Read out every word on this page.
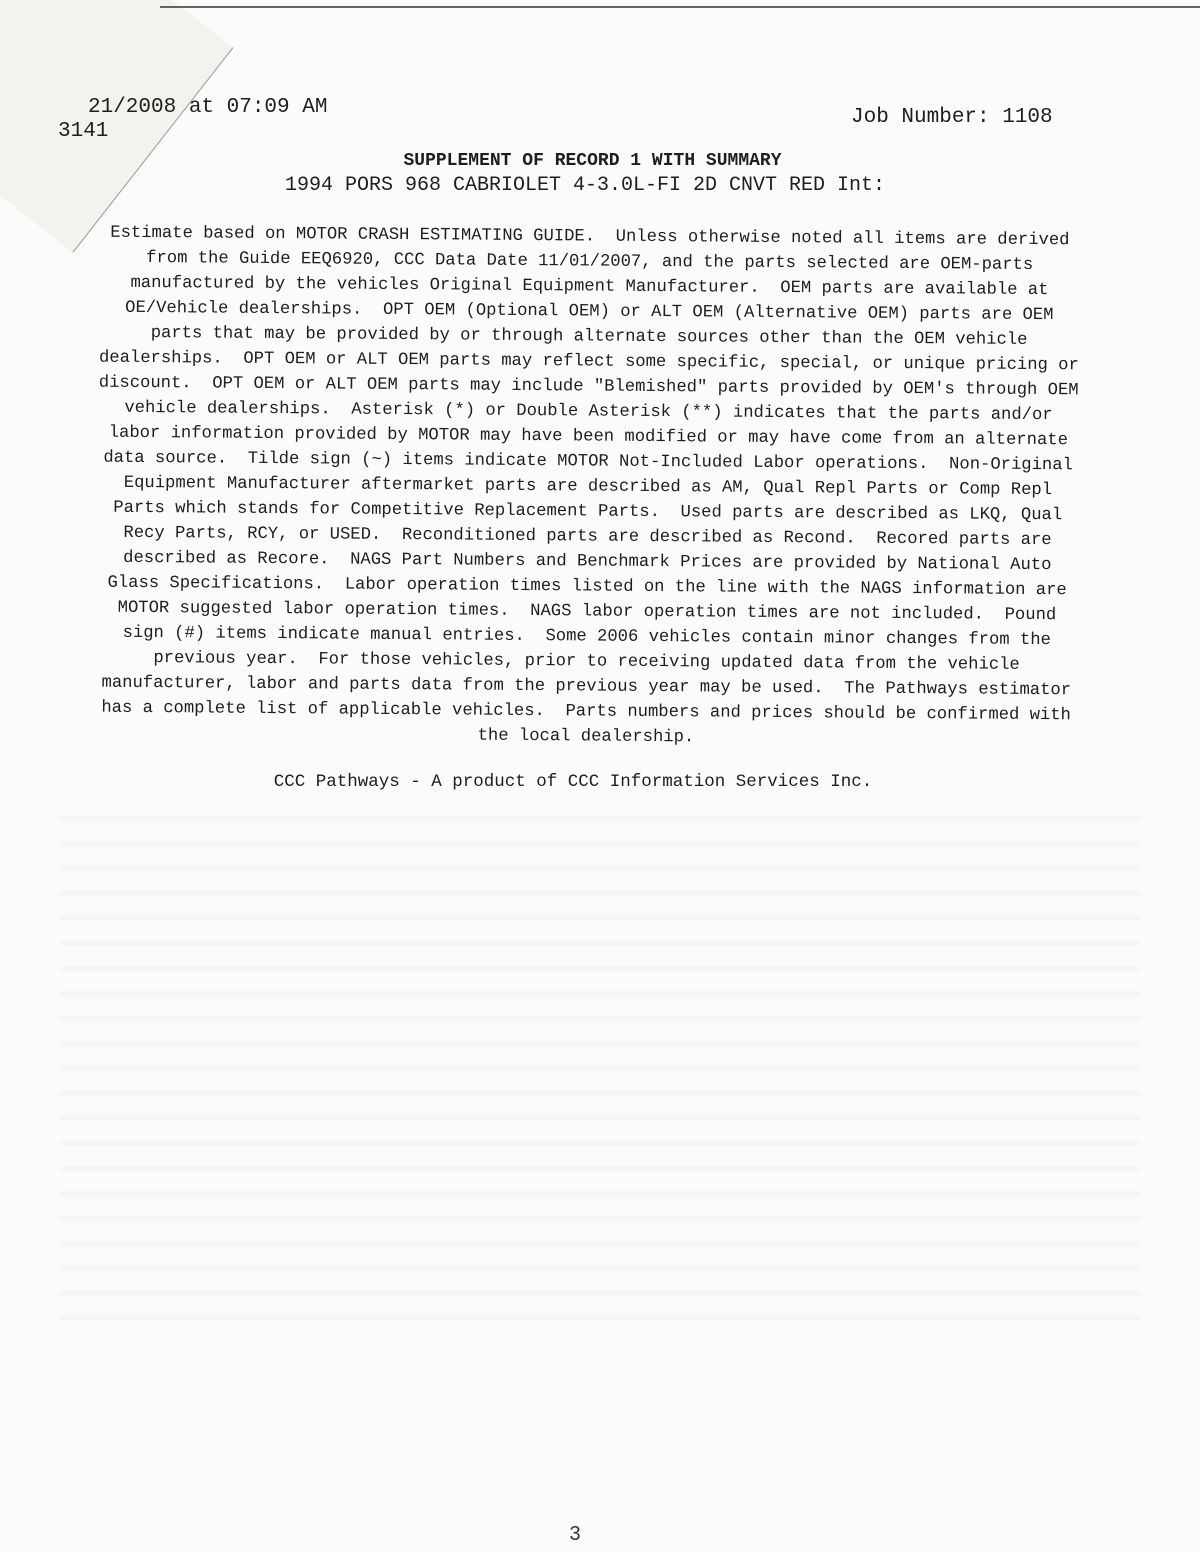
21/2008 at 07:09 AM
3141
Job Number: 1108
SUPPLEMENT OF RECORD 1 WITH SUMMARY
1994 PORS 968 CABRIOLET 4-3.0L-FI 2D CNVT RED Int:
Estimate based on MOTOR CRASH ESTIMATING GUIDE.  Unless otherwise noted all items are derived
from the Guide EEQ6920, CCC Data Date 11/01/2007, and the parts selected are OEM-parts
manufactured by the vehicles Original Equipment Manufacturer.  OEM parts are available at
OE/Vehicle dealerships.  OPT OEM (Optional OEM) or ALT OEM (Alternative OEM) parts are OEM
parts that may be provided by or through alternate sources other than the OEM vehicle
dealerships.  OPT OEM or ALT OEM parts may reflect some specific, special, or unique pricing or
discount.  OPT OEM or ALT OEM parts may include "Blemished" parts provided by OEM's through OEM
vehicle dealerships.  Asterisk (*) or Double Asterisk (**) indicates that the parts and/or
labor information provided by MOTOR may have been modified or may have come from an alternate
data source.  Tilde sign (~) items indicate MOTOR Not-Included Labor operations.  Non-Original
Equipment Manufacturer aftermarket parts are described as AM, Qual Repl Parts or Comp Repl
Parts which stands for Competitive Replacement Parts.  Used parts are described as LKQ, Qual
Recy Parts, RCY, or USED.  Reconditioned parts are described as Recond.  Recored parts are
described as Recore.  NAGS Part Numbers and Benchmark Prices are provided by National Auto
Glass Specifications.  Labor operation times listed on the line with the NAGS information are
MOTOR suggested labor operation times.  NAGS labor operation times are not included.  Pound
sign (#) items indicate manual entries.  Some 2006 vehicles contain minor changes from the
previous year.  For those vehicles, prior to receiving updated data from the vehicle
manufacturer, labor and parts data from the previous year may be used.  The Pathways estimator
has a complete list of applicable vehicles.  Parts numbers and prices should be confirmed with
the local dealership.
CCC Pathways - A product of CCC Information Services Inc.
3
